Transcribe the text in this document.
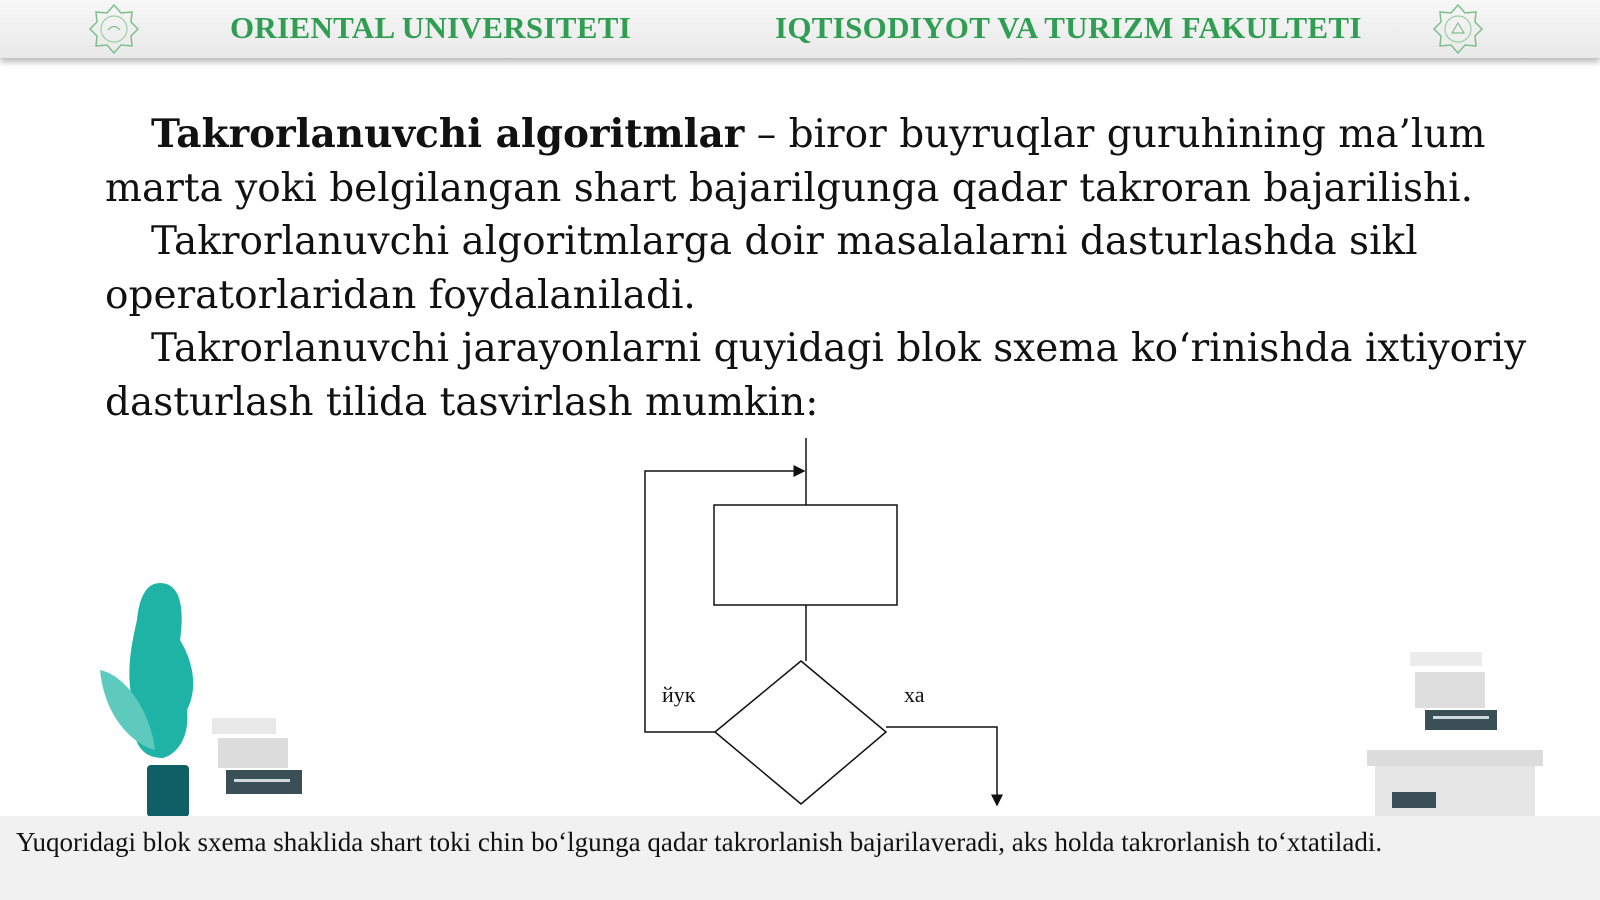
ORIENTAL UNIVERSITETI	IQTISODIYOT VA TURIZM FAKULTETI

Takrorlanuvchi algoritmlar – biror buyruqlar guruhining ma’lum marta yoki belgilangan shart bajarilgunga qadar takroran bajarilishi.

Takrorlanuvchi algoritmlarga doir masalalarni dasturlashda sikl operatorlaridan foydalaniladi.

Takrorlanuvchi jarayonlarni quyidagi blok sxema koʻrinishda ixtiyoriy dasturlash tilida tasvirlash mumkin:

йук	ха
Yuqoridagi blok sxema shaklida shart toki chin boʻlgunga qadar takrorlanish bajarilaveradi, aks holda takrorlanish toʻxtatiladi.
